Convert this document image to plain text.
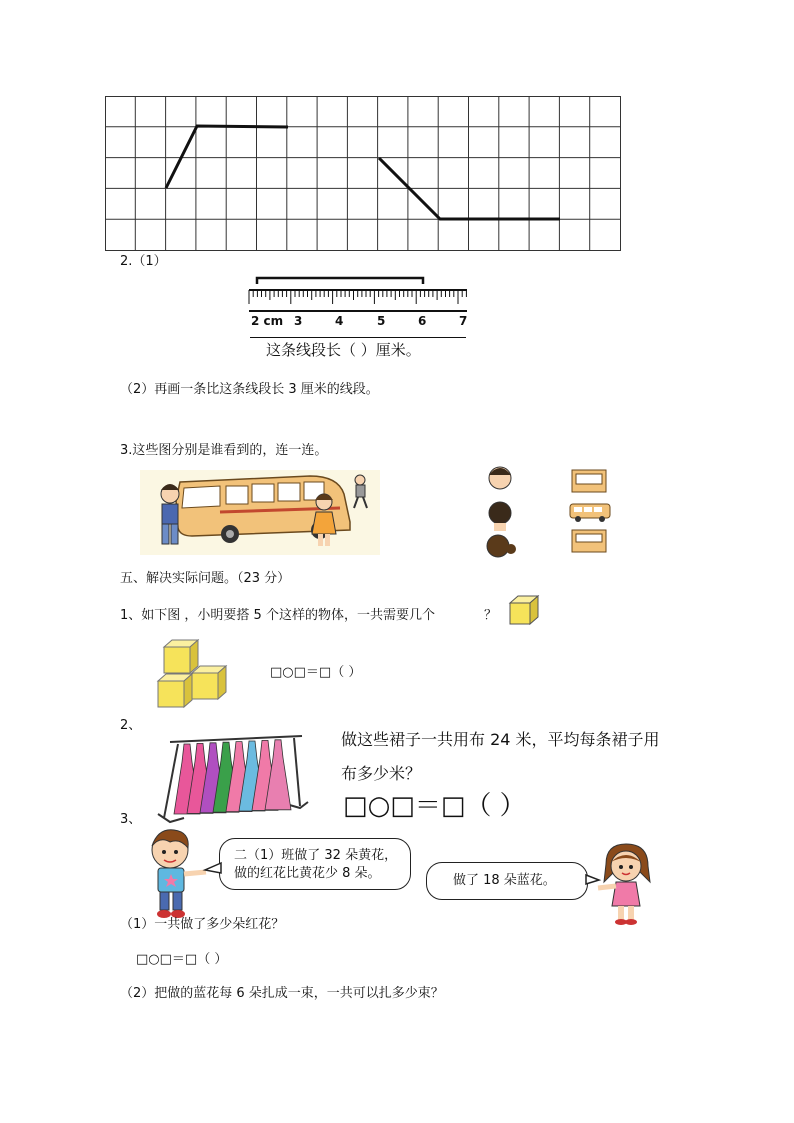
2.（1）
2 cm 3	4	5	6	7
这条线段长（ ）厘米。
（2）再画一条比这条线段长 3 厘米的线段。
3.这些图分别是谁看到的，连一连。
五、解决实际问题。（23 分）
1、如下图 ，小明要搭 5 个这样的物体，一共需要几个	？
□○□＝□（ ）
2、
做这些裙子一共用布 24 米，平均每条裙子用
布多少米？
□○□＝□（ ）
3、
二（1）班做了 32 朵黄花，
做的红花比黄花少 8 朵。	做了 18 朵蓝花。
（1）一共做了多少朵红花？
□○□＝□（ ）
（2）把做的蓝花每 6 朵扎成一束，一共可以扎多少束？
